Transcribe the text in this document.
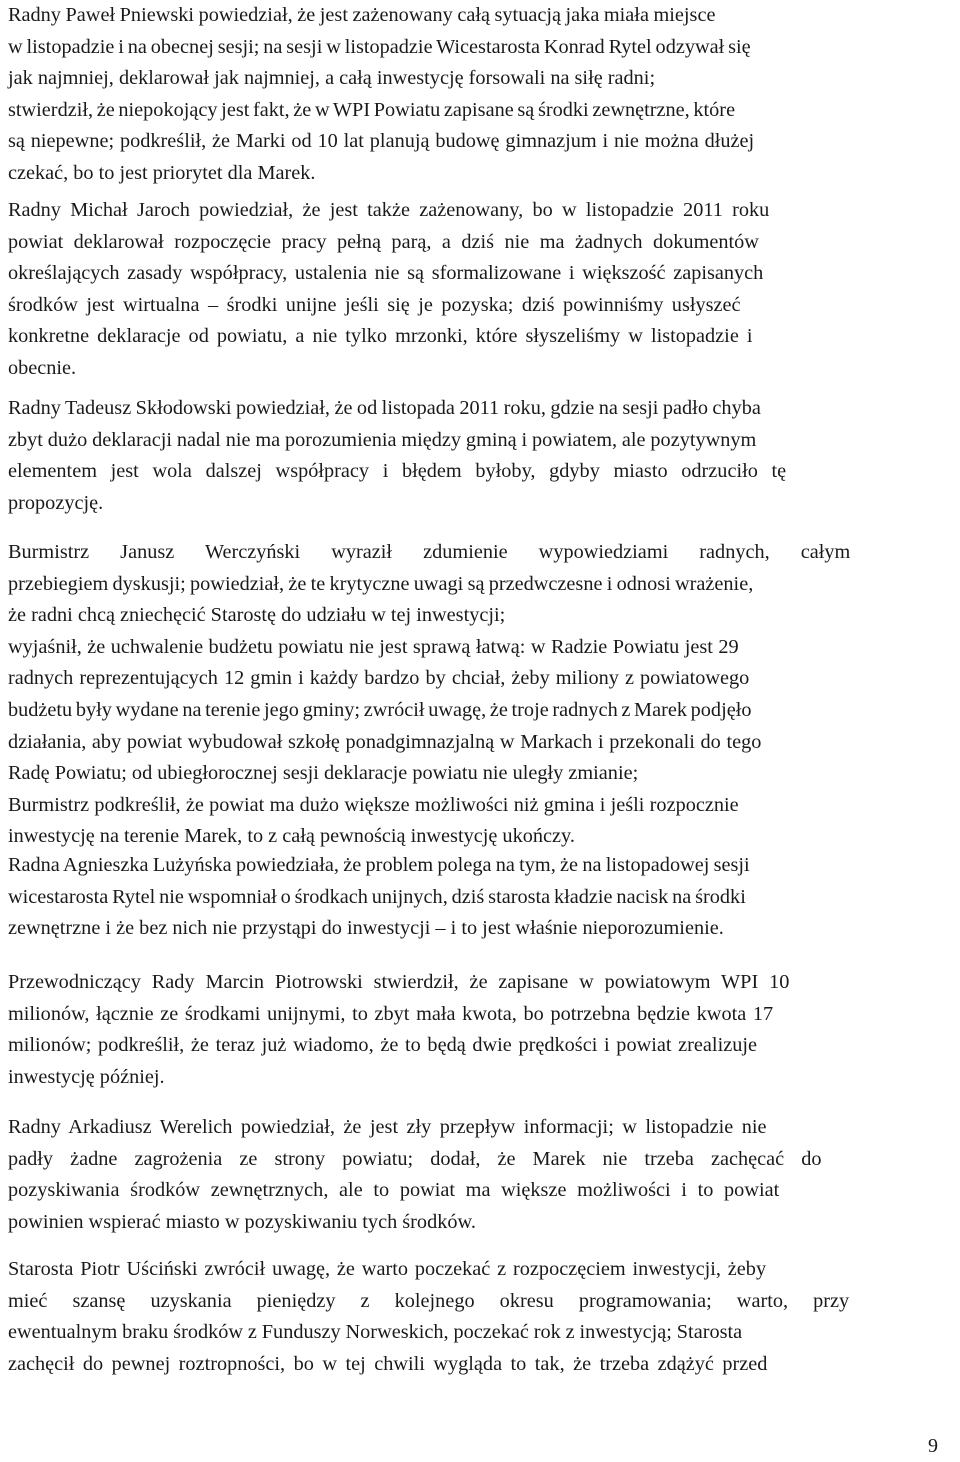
Radny Paweł Pniewski powiedział, że jest zażenowany całą sytuacją jaka miała miejsce
w listopadzie i na obecnej sesji; na sesji w listopadzie Wicestarosta Konrad Rytel odzywał się
jak najmniej, deklarował jak najmniej, a całą inwestycję forsowali na siłę radni;
stwierdził, że niepokojący jest fakt, że w WPI Powiatu zapisane są środki zewnętrzne, które
są niepewne; podkreślił, że Marki od 10 lat planują budowę gimnazjum i nie można dłużej
czekać, bo to jest priorytet dla Marek.
Radny Michał Jaroch powiedział, że jest także zażenowany, bo w listopadzie 2011 roku
powiat deklarował rozpoczęcie pracy pełną parą, a dziś nie ma żadnych dokumentów
określających zasady współpracy, ustalenia nie są sformalizowane i większość zapisanych
środków jest wirtualna – środki unijne jeśli się je pozyska; dziś powinniśmy usłyszeć
konkretne deklaracje od powiatu, a nie tylko mrzonki, które słyszeliśmy w listopadzie i
obecnie.
Radny Tadeusz Skłodowski powiedział, że od listopada 2011 roku, gdzie na sesji padło chyba
zbyt dużo deklaracji nadal nie ma porozumienia między gminą i powiatem, ale pozytywnym
elementem jest wola dalszej współpracy i błędem byłoby, gdyby miasto odrzuciło tę
propozycję.
Burmistrz Janusz Werczyński wyraził zdumienie wypowiedziami radnych, całym
przebiegiem dyskusji; powiedział, że te krytyczne uwagi są przedwczesne i odnosi wrażenie,
że radni chcą zniechęcić Starostę do udziału w tej inwestycji;
wyjaśnił, że uchwalenie budżetu powiatu nie jest sprawą łatwą: w Radzie Powiatu jest 29
radnych reprezentujących 12 gmin i każdy bardzo by chciał, żeby miliony z powiatowego
budżetu były wydane na terenie jego gminy; zwrócił uwagę, że troje radnych z Marek podjęło
działania, aby powiat wybudował szkołę ponadgimnazjalną w Markach i przekonali do tego
Radę Powiatu; od ubiegłorocznej sesji deklaracje powiatu nie uległy zmianie;
Burmistrz podkreślił, że powiat ma dużo większe możliwości niż gmina i jeśli rozpocznie
inwestycję na terenie Marek, to z całą pewnością inwestycję ukończy.
Radna Agnieszka Lużyńska powiedziała, że problem polega na tym, że na listopadowej sesji
wicestarosta Rytel nie wspomniał o środkach unijnych, dziś starosta kładzie nacisk na środki
zewnętrzne i że bez nich nie przystąpi do inwestycji – i to jest właśnie nieporozumienie.
Przewodniczący Rady Marcin Piotrowski stwierdził, że zapisane w powiatowym WPI 10
milionów, łącznie ze środkami unijnymi, to zbyt mała kwota, bo potrzebna będzie kwota 17
milionów; podkreślił, że teraz już wiadomo, że to będą dwie prędkości i powiat zrealizuje
inwestycję później.
Radny Arkadiusz Werelich powiedział, że jest zły przepływ informacji; w listopadzie nie
padły żadne zagrożenia ze strony powiatu; dodał, że Marek nie trzeba zachęcać do
pozyskiwania środków zewnętrznych, ale to powiat ma większe możliwości i to powiat
powinien wspierać miasto w pozyskiwaniu tych środków.
Starosta Piotr Uściński zwrócił uwagę, że warto poczekać z rozpoczęciem inwestycji, żeby
mieć szansę uzyskania pieniędzy z kolejnego okresu programowania; warto, przy
ewentualnym braku środków z Funduszy Norweskich, poczekać rok z inwestycją; Starosta
zachęcił do pewnej roztropności, bo w tej chwili wygląda to tak, że trzeba zdążyć przed
9
